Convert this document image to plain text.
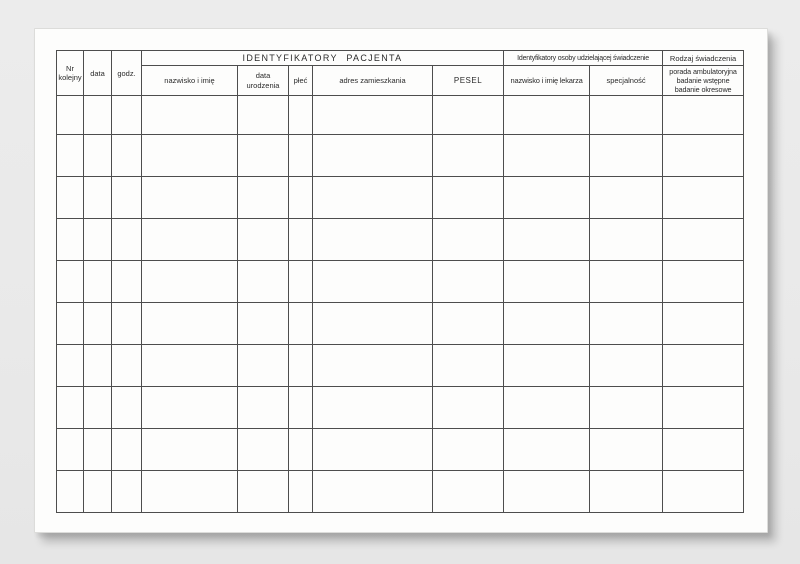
Nr kolejny	data	godz.	IDENTYFIKATORY PACJENTA					Identyfikatory osoby udzielającej świadczenie		Rodzaj świadczenia
			nazwisko i imię	data urodzenia	płeć	adres zamieszkania	PESEL	nazwisko i imię lekarza	specjalność	porada ambulatoryjna
badanie wstępne
badanie okresowe
